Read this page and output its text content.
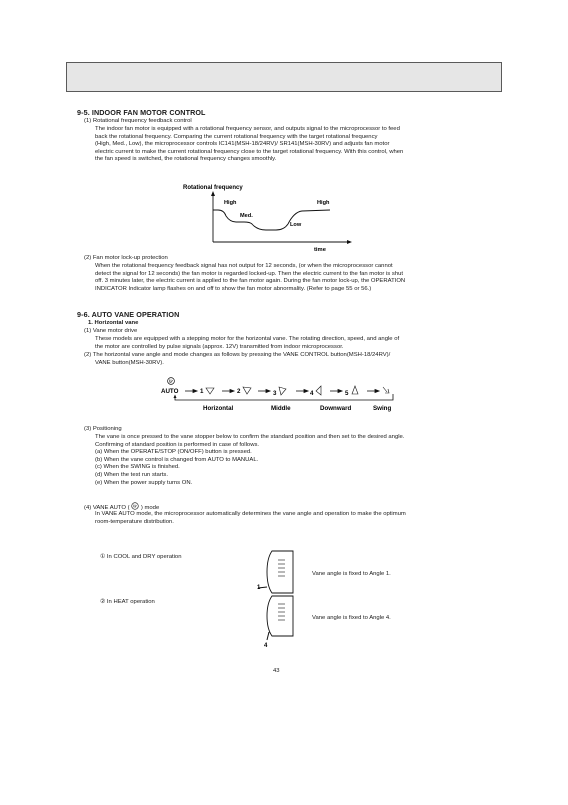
9-5. INDOOR FAN MOTOR CONTROL
(1) Rotational frequency feedback control
The indoor fan motor is equipped with a rotational frequency sensor, and outputs signal to the microprocessor to feed
back the rotational frequency. Comparing the current rotational frequency with the target rotational frequency
(High, Med., Low), the microprocessor controls IC141(MSH-18/24RV)/ SR141(MSH-30RV) and adjusts fan motor
electric current to make the current rotational frequency close to the target rotational frequency. With this control, when
the fan speed is switched, the rotational frequency changes smoothly.
Rotational frequency
High
Med.
Low
High
time
(2) Fan motor lock-up protection
When the rotational frequency feedback signal has not output for 12 seconds, (or when the microprocessor cannot
detect the signal for 12 seconds) the fan motor is regarded locked-up. Then the electric current to the fan motor is shut
off. 3 minutes later, the electric current is applied to the fan motor again. During the fan motor lock-up, the OPERATION
INDICATOR Indicator lamp flashes on and off to show the fan motor abnormality. (Refer to page 55 or 56.)
9-6. AUTO VANE OPERATION
1. Horizontal vane
(1) Vane motor drive
These models are equipped with a stepping motor for the horizontal vane. The rotating direction, speed, and angle of
the motor are controlled by pulse signals (approx. 12V) transmitted from indoor microprocessor.
(2) The horizontal vane angle and mode changes as follows by pressing the VANE CONTROL button(MSH-18/24RV)/
VANE button(MSH-30RV).
AUTO	1	2	3	4	5
Horizontal	Middle	Downward	Swing
(3) Positioning
The vane is once pressed to the vane stopper below to confirm the standard position and then set to the desired angle.
Confirming of standard position is performed in case of follows.
(a) When the OPERATE/STOP (ON/OFF) button is pressed.
(b) When the vane control is changed from AUTO to MANUAL.
(c) When the SWING is finished.
(d) When the test run starts.
(e) When the power supply turns ON.
(4) VANE AUTO ( ) mode
In VANE AUTO mode, the microprocessor automatically determines the vane angle and operation to make the optimum
room-temperature distribution.
① In COOL and DRY operation
Vane angle is fixed to Angle 1.
1
② In HEAT operation
Vane angle is fixed to Angle 4.
4
43
